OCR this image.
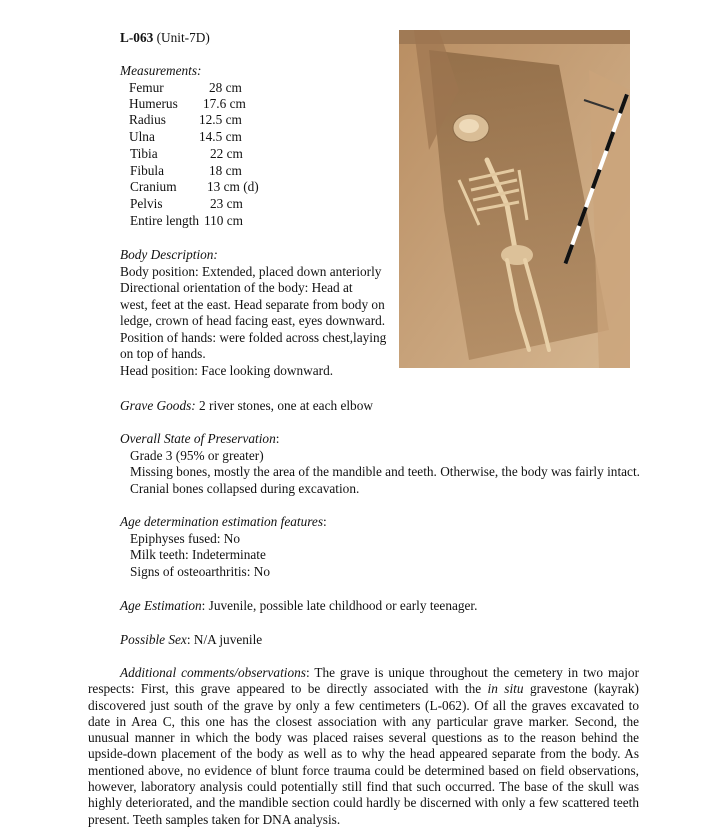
L-063 (Unit-7D)
Measurements:
Femur	28 cm
Humerus 17.6 cm
Radius 12.5 cm
Ulna	14.5 cm
Tibia	22 cm
Fibula	18 cm
Cranium 13 cm (d)
Pelvis	23 cm
Entire length 110 cm
Body Description:
Body position: Extended, placed down anteriorly
Directional orientation of the body: Head at
west, feet at the east. Head separate from body on
ledge, crown of head facing east, eyes downward.
Position of hands: were folded across chest,laying
on top of hands.
Head position: Face looking downward.
Grave Goods: 2 river stones, one at each elbow
Overall State of Preservation:
Grade 3 (95% or greater)
Missing bones, mostly the area of the mandible and teeth. Otherwise, the body was fairly intact.
Cranial bones collapsed during excavation.
Age determination estimation features:
Epiphyses fused: No
Milk teeth: Indeterminate
Signs of osteoarthritis: No
Age Estimation: Juvenile, possible late childhood or early teenager.
Possible Sex: N/A juvenile

Additional comments/observations: The grave is unique throughout the cemetery in two major respects: First, this grave appeared to be directly associated with the in situ gravestone (kayrak) discovered just south of the grave by only a few centimeters (L-062). Of all the graves excavated to date in Area C, this one has the closest association with any particular grave marker. Second, the unusual manner in which the body was placed raises several questions as to the reason behind the upside-down placement of the body as well as to why the head appeared separate from the body. As mentioned above, no evidence of blunt force trauma could be determined based on field observations, however, laboratory analysis could potentially still find that such occurred. The base of the skull was highly deteriorated, and the mandible section could hardly be discerned with only a few scattered teeth present. Teeth samples taken for DNA analysis.
